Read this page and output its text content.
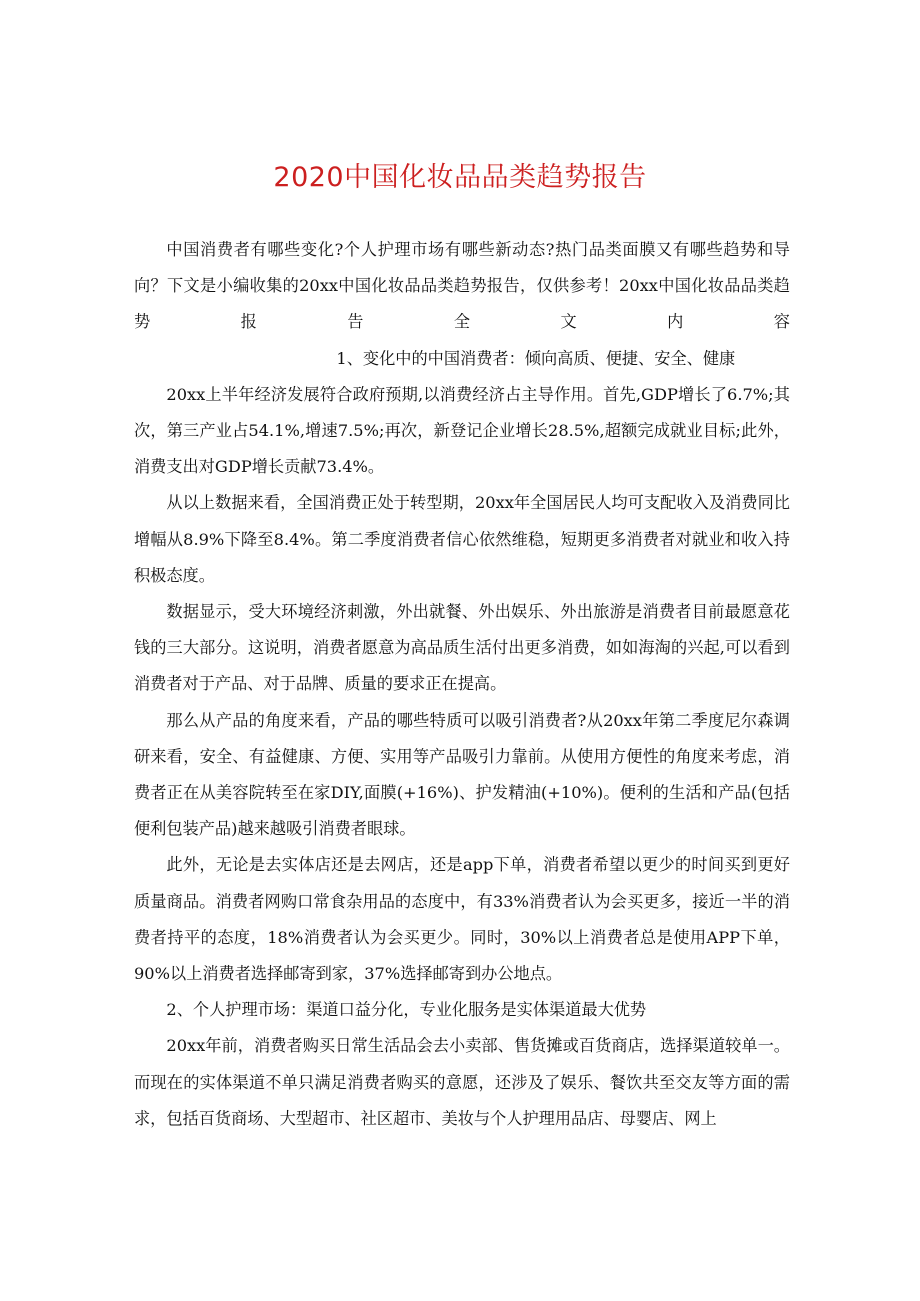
2020中国化妆品品类趋势报告

中国消费者有哪些变化?个人护理市场有哪些新动态?热门品类面膜又有哪些趋势和导向？下文是小编收集的20xx中国化妆品品类趋势报告，仅供参考！20xx中国化妆品品类趋势报告全文内容1、变化中的中国消费者：倾向高质、便捷、安全、健康

20xx上半年经济发展符合政府预期,以消费经济占主导作用。首先,GDP增长了6.7%;其次，第三产业占54.1%,增速7.5%;再次，新登记企业增长28.5%,超额完成就业目标;此外，消费支出对GDP增长贡献73.4%。

从以上数据来看，全国消费正处于转型期，20xx年全国居民人均可支配收入及消费同比增幅从8.9%下降至8.4%。第二季度消费者信心依然维稳，短期更多消费者对就业和收入持积极态度。

数据显示，受大环境经济刺激，外出就餐、外出娱乐、外出旅游是消费者目前最愿意花钱的三大部分。这说明，消费者愿意为高品质生活付出更多消费，如如海淘的兴起,可以看到消费者对于产品、对于品牌、质量的要求正在提高。

那么从产品的角度来看，产品的哪些特质可以吸引消费者?从20xx年第二季度尼尔森调研来看，安全、有益健康、方便、实用等产品吸引力靠前。从使用方便性的角度来考虑，消费者正在从美容院转至在家DIY,面膜(+16%)、护发精油(+10%)。便利的生活和产品(包括便利包装产品)越来越吸引消费者眼球。

此外，无论是去实体店还是去网店，还是app下单，消费者希望以更少的时间买到更好质量商品。消费者网购口常食杂用品的态度中，有33%消费者认为会买更多，接近一半的消费者持平的态度，18%消费者认为会买更少。同时，30%以上消费者总是使用APP下单，90%以上消费者选择邮寄到家，37%选择邮寄到办公地点。

2、个人护理市场：渠道口益分化，专业化服务是实体渠道最大优势

20xx年前，消费者购买日常生活品会去小卖部、售货摊或百货商店，选择渠道较单一。而现在的实体渠道不单只满足消费者购买的意愿，还涉及了娱乐、餐饮共至交友等方面的需求，包括百货商场、大型超市、社区超市、美妆与个人护理用品店、母婴店、网上
